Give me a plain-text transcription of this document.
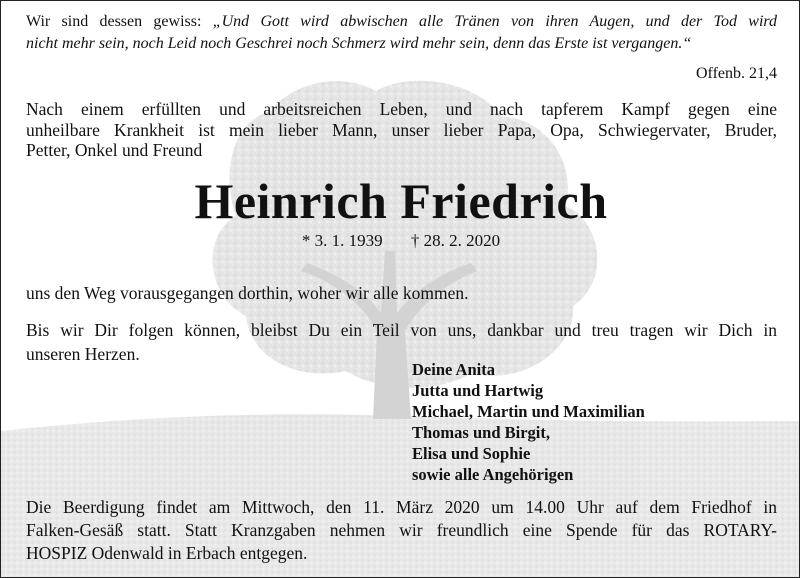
Wir sind dessen gewiss: „Und Gott wird abwischen alle Tränen von ihren Augen, und der Tod wird

nicht mehr sein, noch Leid noch Geschrei noch Schmerz wird mehr sein, denn das Erste ist vergangen.“

Offenb. 21,4

Nach einem erfüllten und arbeitsreichen Leben, und nach tapferem Kampf gegen eine

unheilbare Krankheit ist mein lieber Mann, unser lieber Papa, Opa, Schwiegervater, Bruder,

Petter, Onkel und Freund

Heinrich Friedrich

* 3. 1. 1939 † 28. 2. 2020

uns den Weg vorausgegangen dorthin, woher wir alle kommen.

Bis wir Dir folgen können, bleibst Du ein Teil von uns, dankbar und treu tragen wir Dich in

unseren Herzen.

Deine Anita
Jutta und Hartwig
Michael, Martin und Maximilian
Thomas und Birgit,
Elisa und Sophie
sowie alle Angehörigen

Die Beerdigung findet am Mittwoch, den 11. März 2020 um 14.00 Uhr auf dem Friedhof in

Falken-Gesäß statt. Statt Kranzgaben nehmen wir freundlich eine Spende für das ROTARY-

HOSPIZ Odenwald in Erbach entgegen.
